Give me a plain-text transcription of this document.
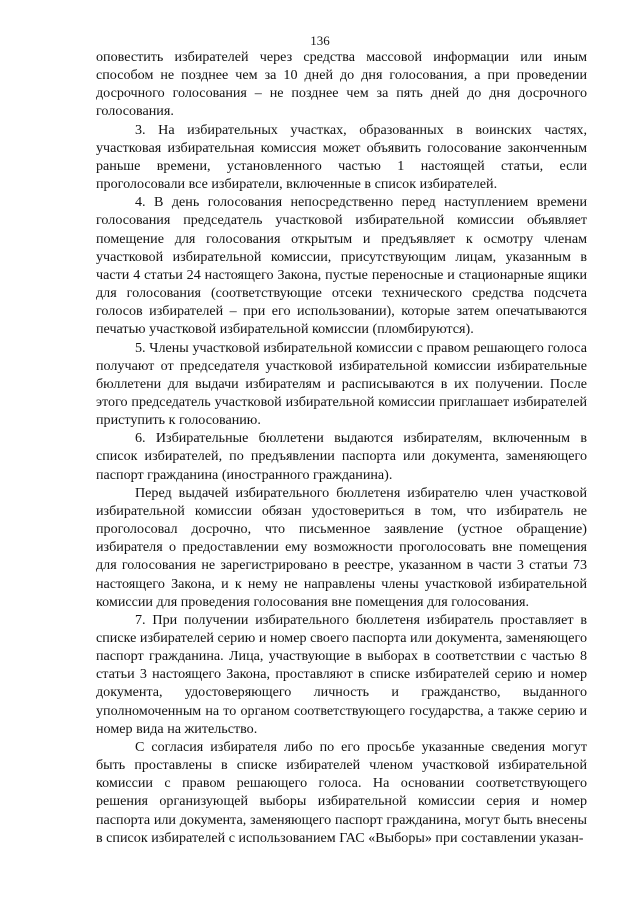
136

оповестить избирателей через средства массовой информации или иным способом не позднее чем за 10 дней до дня голосования, а при проведении досрочного голосования – не позднее чем за пять дней до дня досрочного голосования.

3. На избирательных участках, образованных в воинских частях, участковая избирательная комиссия может объявить голосование законченным раньше времени, установленного частью 1 настоящей статьи, если проголосовали все избиратели, включенные в список избирателей.

4. В день голосования непосредственно перед наступлением времени голосования председатель участковой избирательной комиссии объявляет помещение для голосования открытым и предъявляет к осмотру членам участковой избирательной комиссии, присутствующим лицам, указанным в части 4 статьи 24 настоящего Закона, пустые переносные и стационарные ящики для голосования (соответствующие отсеки технического средства подсчета голосов избирателей – при его использовании), которые затем опечатываются печатью участковой избирательной комиссии (пломбируются).

5. Члены участковой избирательной комиссии с правом решающего голоса получают от председателя участковой избирательной комиссии избирательные бюллетени для выдачи избирателям и расписываются в их получении. После этого председатель участковой избирательной комиссии приглашает избирателей приступить к голосованию.

6. Избирательные бюллетени выдаются избирателям, включенным в список избирателей, по предъявлении паспорта или документа, заменяющего паспорт гражданина (иностранного гражданина).

Перед выдачей избирательного бюллетеня избирателю член участковой избирательной комиссии обязан удостовериться в том, что избиратель не проголосовал досрочно, что письменное заявление (устное обращение) избирателя о предоставлении ему возможности проголосовать вне помещения для голосования не зарегистрировано в реестре, указанном в части 3 статьи 73 настоящего Закона, и к нему не направлены члены участковой избирательной комиссии для проведения голосования вне помещения для голосования.

7. При получении избирательного бюллетеня избиратель проставляет в списке избирателей серию и номер своего паспорта или документа, заменяющего паспорт гражданина. Лица, участвующие в выборах в соответствии с частью 8 статьи 3 настоящего Закона, проставляют в списке избирателей серию и номер документа, удостоверяющего личность и гражданство, выданного уполномоченным на то органом соответствующего государства, а также серию и номер вида на жительство.

С согласия избирателя либо по его просьбе указанные сведения могут быть проставлены в списке избирателей членом участковой избирательной комиссии с правом решающего голоса. На основании соответствующего решения организующей выборы избирательной комиссии серия и номер паспорта или документа, заменяющего паспорт гражданина, могут быть внесены в список избирателей с использованием ГАС «Выборы» при составлении указан-
